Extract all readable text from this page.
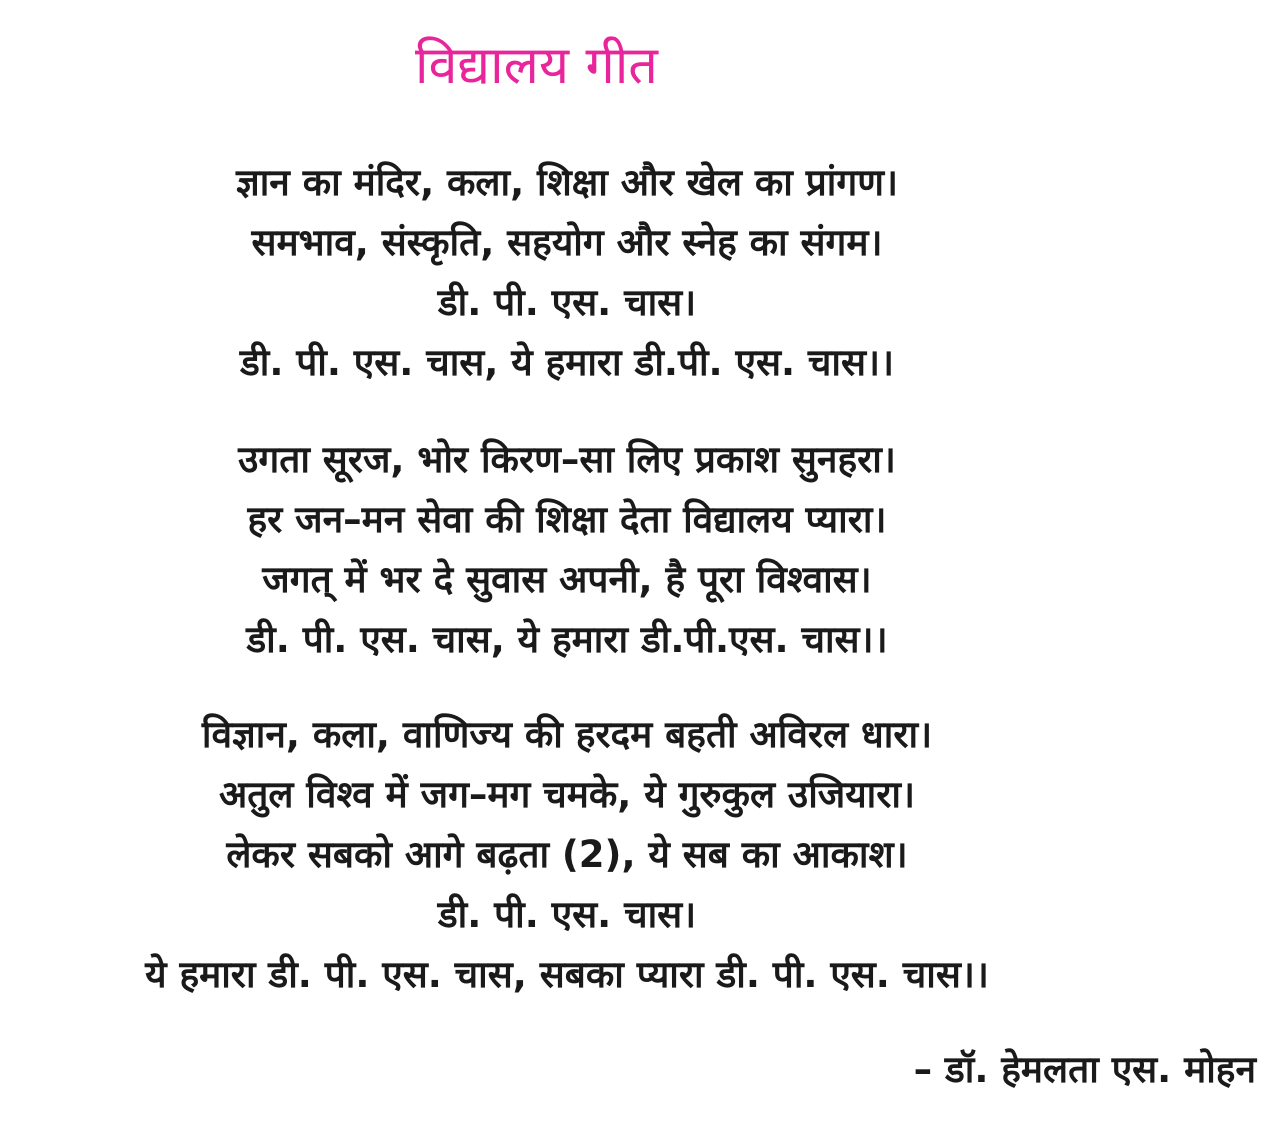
विद्यालय गीत
ज्ञान का मंदिर, कला, शिक्षा और खेल का प्रांगण।
समभाव, संस्कृति, सहयोग और स्नेह का संगम।
डी. पी. एस. चास।
डी. पी. एस. चास, ये हमारा डी.पी. एस. चास।।
उगता सूरज, भोर किरण–सा लिए प्रकाश सुनहरा।
हर जन–मन सेवा की शिक्षा देता विद्यालय प्यारा।
जगत् में भर दे सुवास अपनी, है पूरा विश्वास।
डी. पी. एस. चास, ये हमारा डी.पी.एस. चास।।
विज्ञान, कला, वाणिज्य की हरदम बहती अविरल धारा।
अतुल विश्व में जग–मग चमके, ये गुरुकुल उजियारा।
लेकर सबको आगे बढ़ता (2), ये सब का आकाश।
डी. पी. एस. चास।
ये हमारा डी. पी. एस. चास, सबका प्यारा डी. पी. एस. चास।।
– डॉ. हेमलता एस. मोहन
